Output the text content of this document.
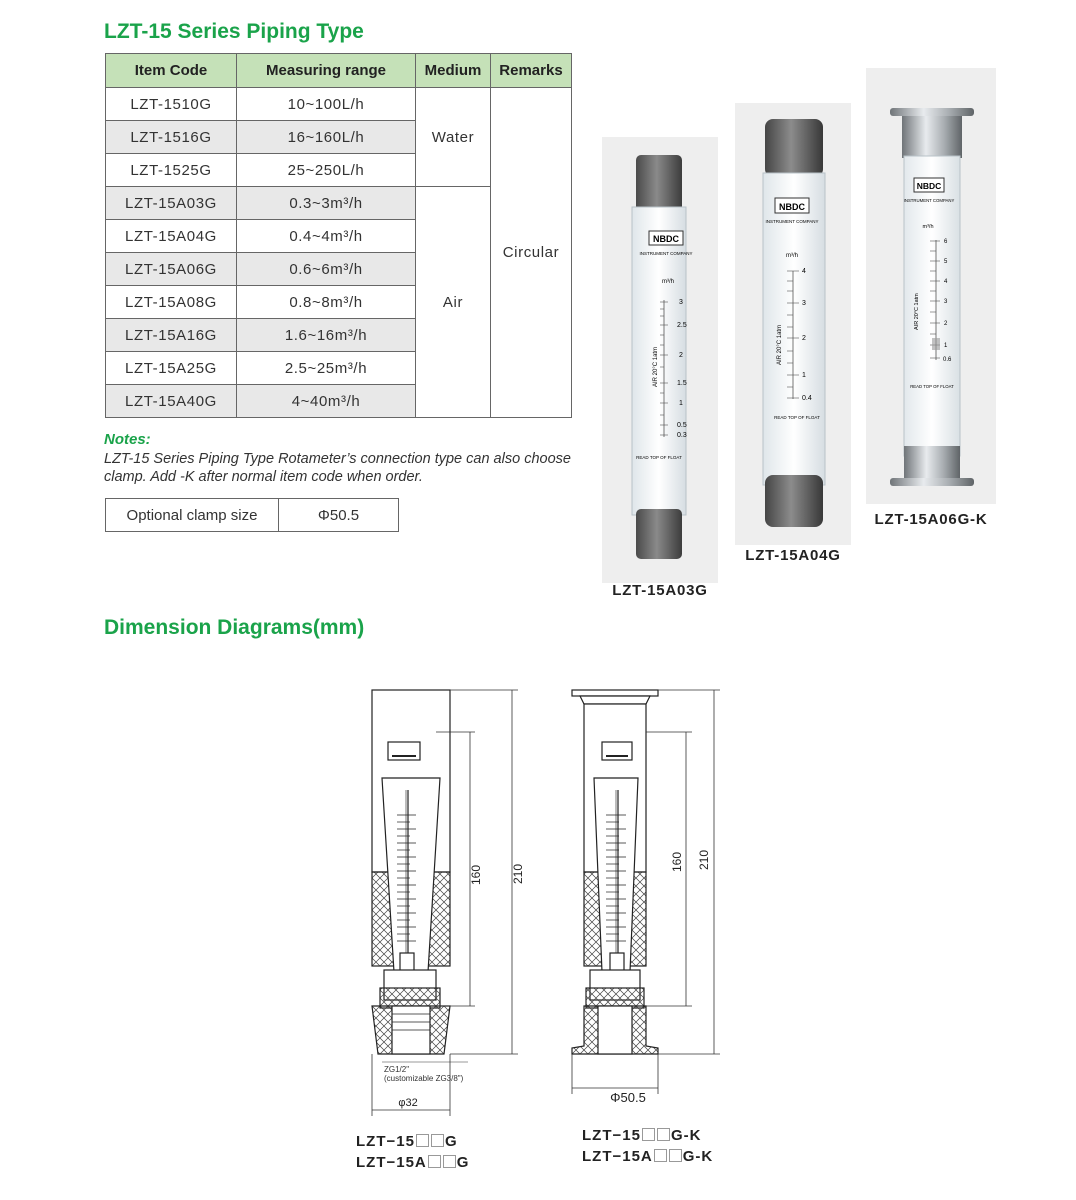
LZT-15 Series Piping Type
Item Code	Measuring range	Medium	Remarks
LZT-1510G	10~100L/h	Water	Circular
LZT-1516G	16~160L/h		
LZT-1525G	25~250L/h		
LZT-15A03G	0.3~3m³/h	Air	
LZT-15A04G	0.4~4m³/h		
LZT-15A06G	0.6~6m³/h		
LZT-15A08G	0.8~8m³/h		
LZT-15A16G	1.6~16m³/h		
LZT-15A25G	2.5~25m³/h		
LZT-15A40G	4~40m³/h		

Notes:

LZT-15 Series Piping Type Rotameter’s connection type can also choose clamp. Add -K after normal item code when order.

Optional clamp size	Φ50.5
NBDC
INSTRUMENT COMPANY
m³/h
3
2.5
2
1.5
1
0.5
0.3
AIR 20°C 1atm
READ TOP OF FLOAT
LZT-15A03G
NBDC
INSTRUMENT COMPANY
m³/h
4
3
2
1
0.4
AIR 20°C 1atm
READ TOP OF FLOAT
LZT-15A04G
NBDC
INSTRUMENT COMPANY
m³/h
6
5
4
3
2
1
0.6
AIR 20°C 1atm
READ TOP OF FLOAT
LZT-15A06G-K
Dimension Diagrams(mm)
160 210
ZG1/2"
(customizable ZG3/8")
φ32
160 210
Φ50.5
LZT−15 G
LZT−15A G
LZT−15 G-K
LZT−15A G-K
